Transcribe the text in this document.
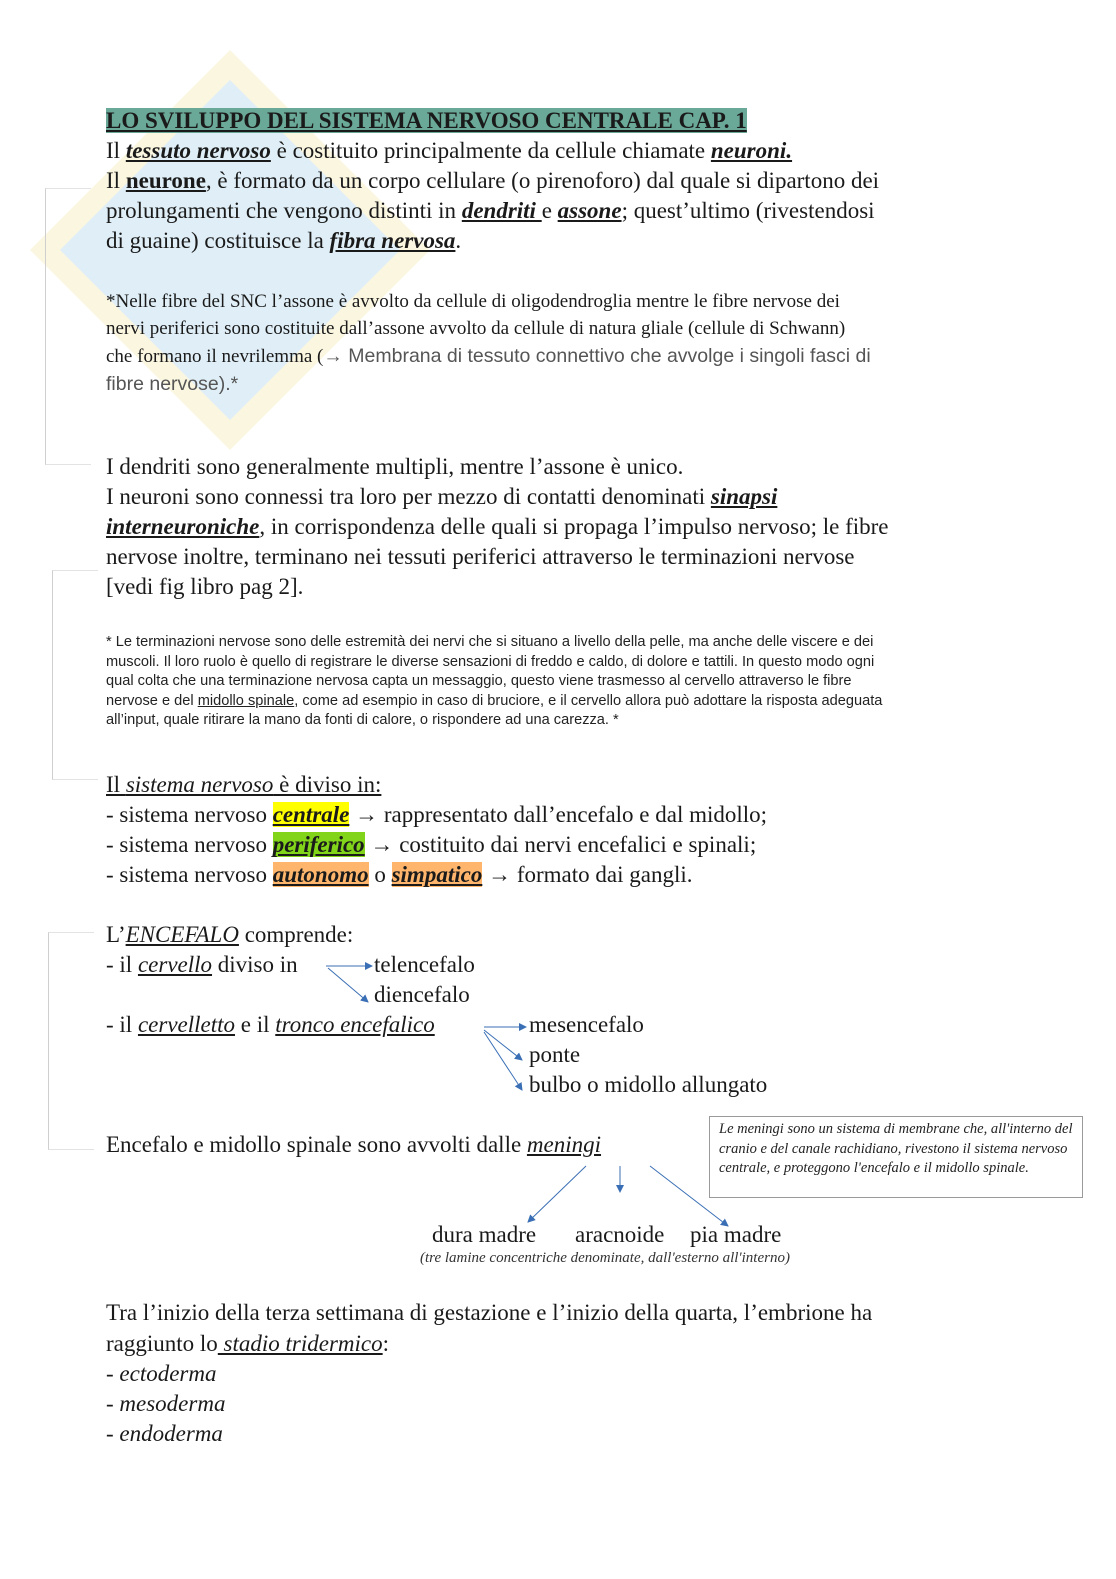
LO SVILUPPO DEL SISTEMA NERVOSO CENTRALE CAP. 1
Il tessuto nervoso è costituito principalmente da cellule chiamate neuroni.
Il neurone, è formato da un corpo cellulare (o pirenoforo) dal quale si dipartono dei
prolungamenti che vengono distinti in dendriti e assone; quest’ultimo (rivestendosi
di guaine) costituisce la fibra nervosa.
*Nelle fibre del SNC l’assone è avvolto da cellule di oligodendroglia mentre le fibre nervose dei
nervi periferici sono costituite dall’assone avvolto da cellule di natura gliale (cellule di Schwann)
che formano il nevrilemma (→ Membrana di tessuto connettivo che avvolge i singoli fasci di
fibre nervose).*
I dendriti sono generalmente multipli, mentre l’assone è unico.
I neuroni sono connessi tra loro per mezzo di contatti denominati sinapsi
interneuroniche, in corrispondenza delle quali si propaga l’impulso nervoso; le fibre
nervose inoltre, terminano nei tessuti periferici attraverso le terminazioni nervose
[vedi fig libro pag 2].
* Le terminazioni nervose sono delle estremità dei nervi che si situano a livello della pelle, ma anche delle viscere e dei
muscoli. Il loro ruolo è quello di registrare le diverse sensazioni di freddo e caldo, di dolore e tattili. In questo modo ogni
qual colta che una terminazione nervosa capta un messaggio, questo viene trasmesso al cervello attraverso le fibre
nervose e del midollo spinale, come ad esempio in caso di bruciore, e il cervello allora può adottare la risposta adeguata
all’input, quale ritirare la mano da fonti di calore, o rispondere ad una carezza. *
Il sistema nervoso è diviso in:
- sistema nervoso centrale → rappresentato dall’encefalo e dal midollo;
- sistema nervoso periferico → costituito dai nervi encefalici e spinali;
- sistema nervoso autonomo o simpatico → formato dai gangli.
L’ENCEFALO comprende:
- il cervello diviso in	telencefalo
diencefalo
- il cervelletto e il tronco encefalico	mesencefalo
ponte
bulbo o midollo allungato
Encefalo e midollo spinale sono avvolti dalle meningi
Le meningi sono un sistema di membrane che, all'interno del cranio e del canale rachidiano, rivestono il sistema nervoso centrale, e proteggono l'encefalo e il midollo spinale.
dura madre aracnoide pia madre
(tre lamine concentriche denominate, dall'esterno all'interno)
Tra l’inizio della terza settimana di gestazione e l’inizio della quarta, l’embrione ha
raggiunto lo stadio tridermico:
- ectoderma
- mesoderma
- endoderma
